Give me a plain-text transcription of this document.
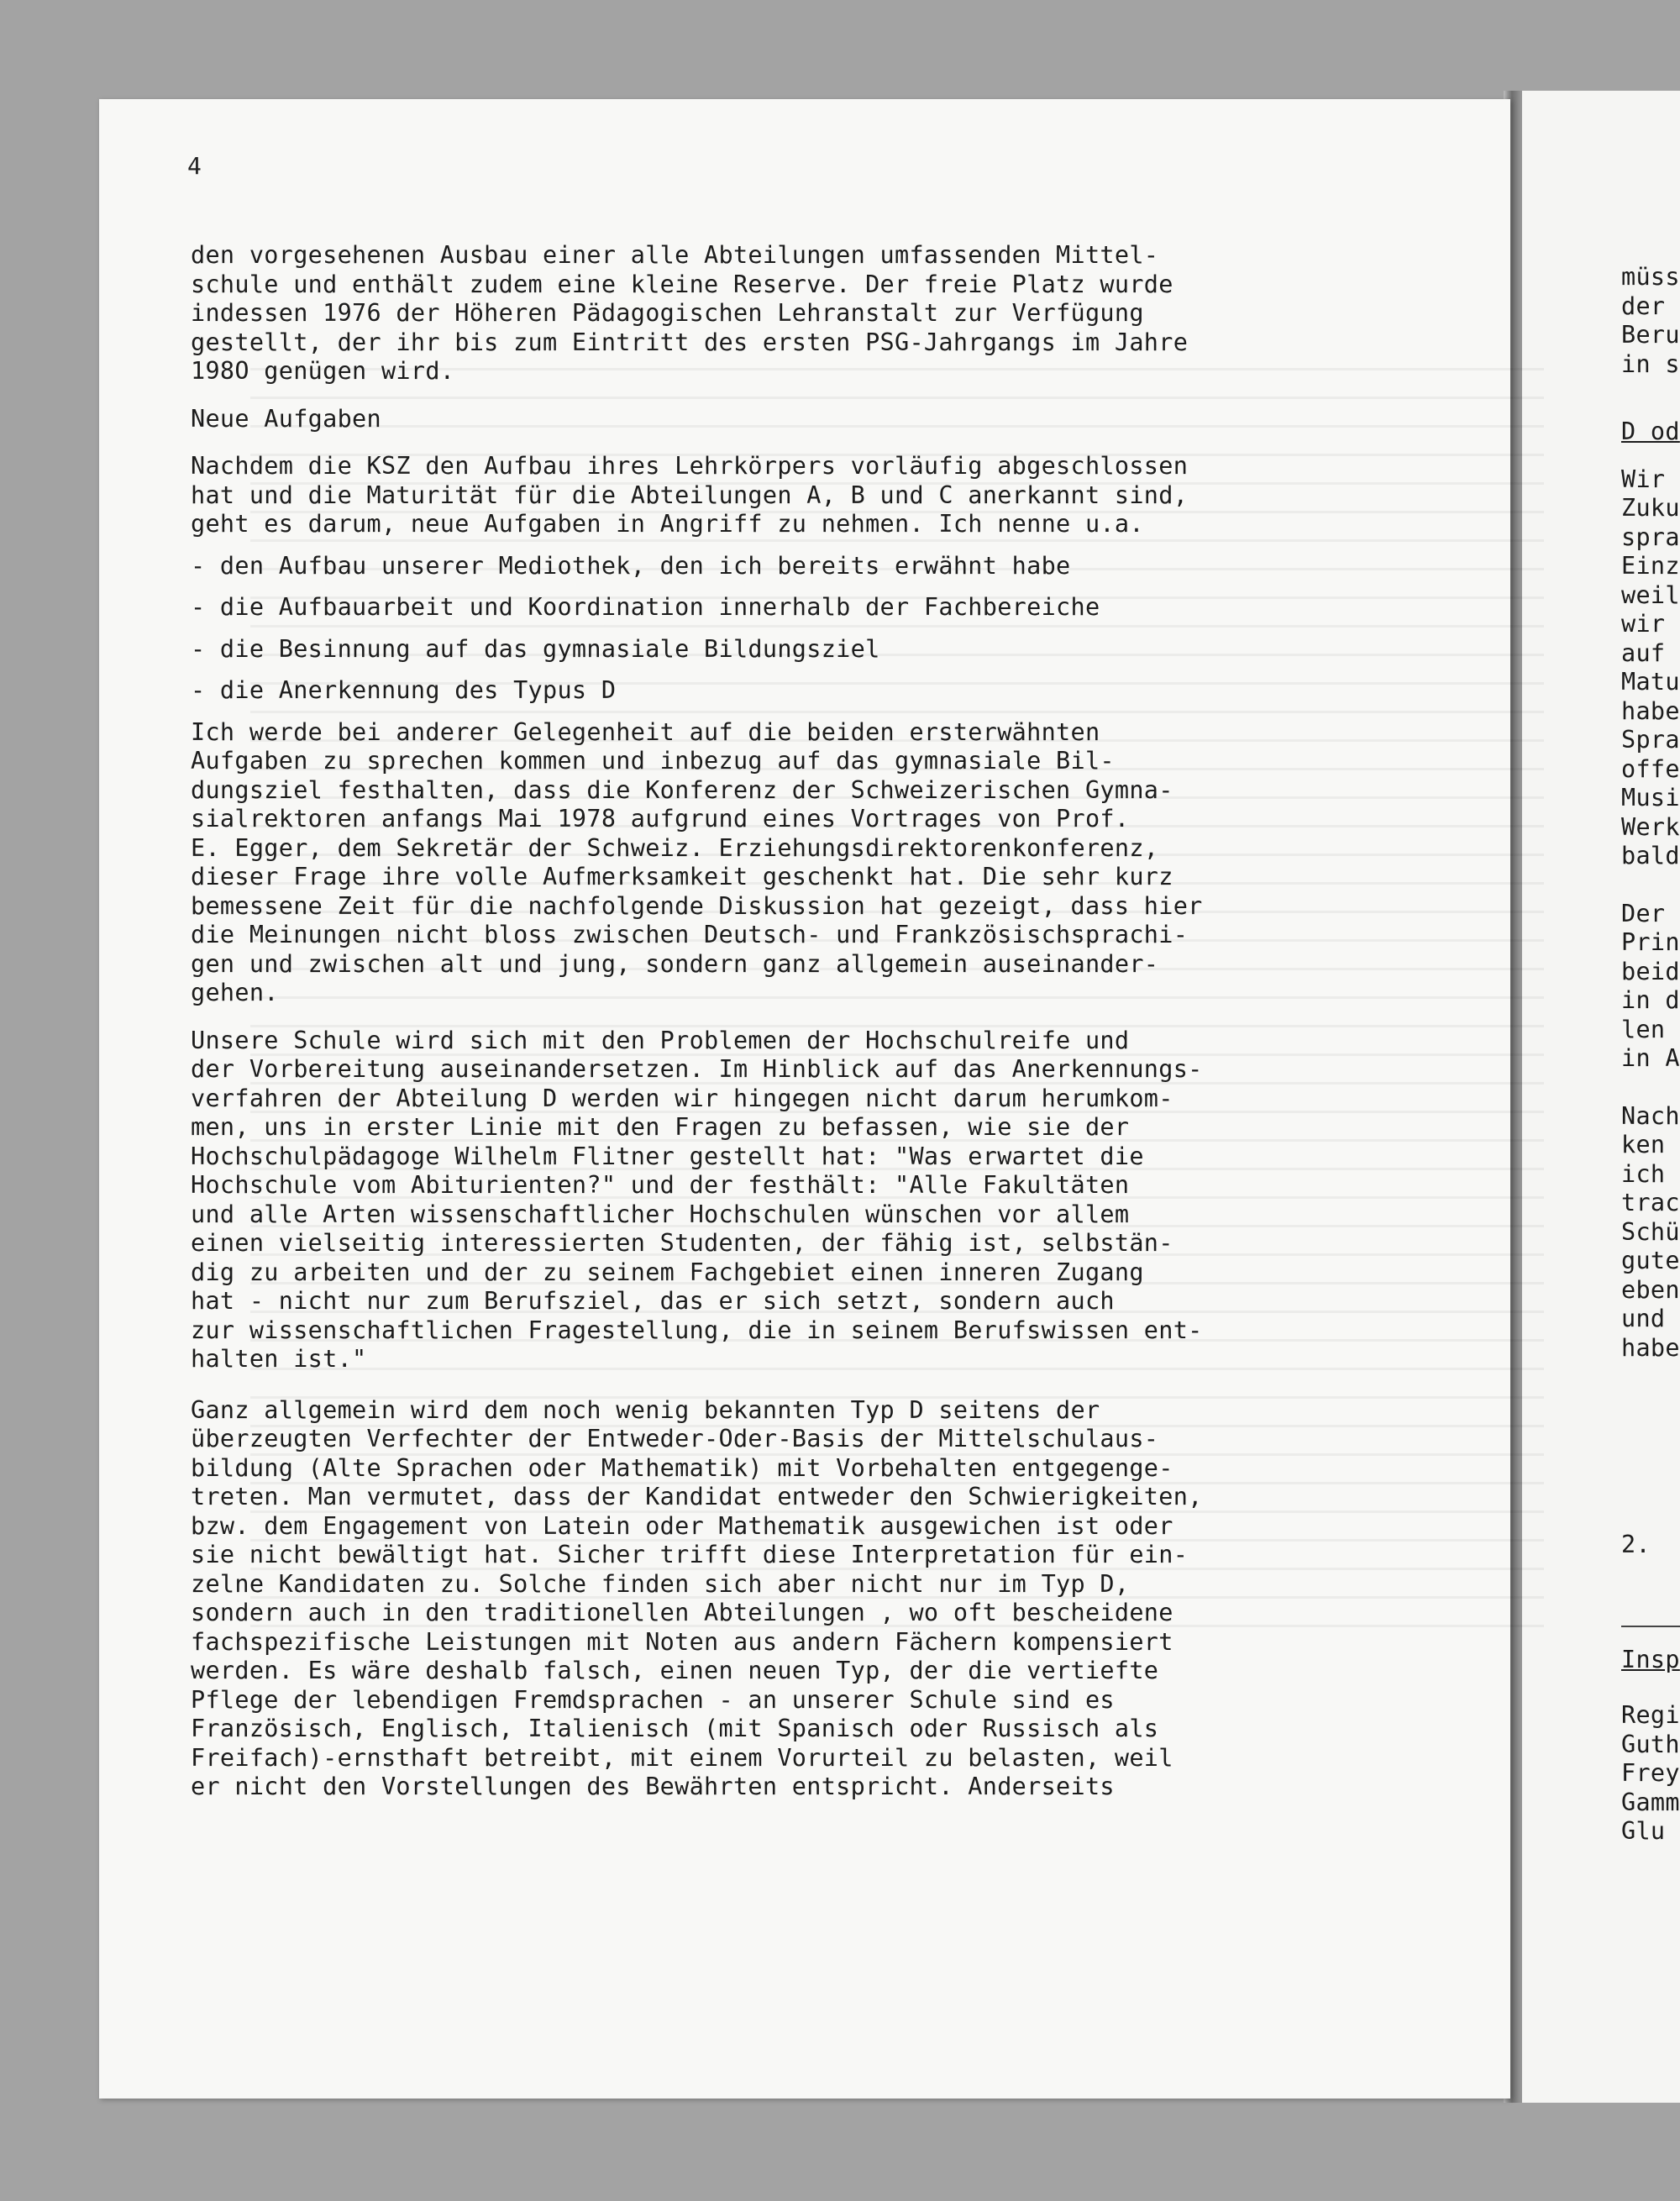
4

den vorgesehenen Ausbau einer alle Abteilungen umfassenden Mittel-

schule und enthält zudem eine kleine Reserve. Der freie Platz wurde

indessen 1976 der Höheren Pädagogischen Lehranstalt zur Verfügung

gestellt, der ihr bis zum Eintritt des ersten PSG-Jahrgangs im Jahre

198O genügen wird.

Neue Aufgaben

Nachdem die KSZ den Aufbau ihres Lehrkörpers vorläufig abgeschlossen

hat und die Maturität für die Abteilungen A, B und C anerkannt sind,

geht es darum, neue Aufgaben in Angriff zu nehmen. Ich nenne u.a.

- den Aufbau unserer Mediothek, den ich bereits erwähnt habe

- die Aufbauarbeit und Koordination innerhalb der Fachbereiche

- die Besinnung auf das gymnasiale Bildungsziel

- die Anerkennung des Typus D

Ich werde bei anderer Gelegenheit auf die beiden ersterwähnten

Aufgaben zu sprechen kommen und inbezug auf das gymnasiale Bil-

dungsziel festhalten, dass die Konferenz der Schweizerischen Gymna-

sialrektoren anfangs Mai 1978 aufgrund eines Vortrages von Prof.

E. Egger, dem Sekretär der Schweiz. Erziehungsdirektorenkonferenz,

dieser Frage ihre volle Aufmerksamkeit geschenkt hat. Die sehr kurz

bemessene Zeit für die nachfolgende Diskussion hat gezeigt, dass hier

die Meinungen nicht bloss zwischen Deutsch- und Frankzösischsprachi-

gen und zwischen alt und jung, sondern ganz allgemein auseinander-

gehen.

Unsere Schule wird sich mit den Problemen der Hochschulreife und

der Vorbereitung auseinandersetzen. Im Hinblick auf das Anerkennungs-

verfahren der Abteilung D werden wir hingegen nicht darum herumkom-

men, uns in erster Linie mit den Fragen zu befassen, wie sie der

Hochschulpädagoge Wilhelm Flitner gestellt hat: "Was erwartet die

Hochschule vom Abiturienten?" und der festhält: "Alle Fakultäten

und alle Arten wissenschaftlicher Hochschulen wünschen vor allem

einen vielseitig interessierten Studenten, der fähig ist, selbstän-

dig zu arbeiten und der zu seinem Fachgebiet einen inneren Zugang

hat - nicht nur zum Berufsziel, das er sich setzt, sondern auch

zur wissenschaftlichen Fragestellung, die in seinem Berufswissen ent-

halten ist."

Ganz allgemein wird dem noch wenig bekannten Typ D seitens der

überzeugten Verfechter der Entweder-Oder-Basis der Mittelschulaus-

bildung (Alte Sprachen oder Mathematik) mit Vorbehalten entgegenge-

treten. Man vermutet, dass der Kandidat entweder den Schwierigkeiten,

bzw. dem Engagement von Latein oder Mathematik ausgewichen ist oder

sie nicht bewältigt hat. Sicher trifft diese Interpretation für ein-

zelne Kandidaten zu. Solche finden sich aber nicht nur im Typ D,

sondern auch in den traditionellen Abteilungen , wo oft bescheidene

fachspezifische Leistungen mit Noten aus andern Fächern kompensiert

werden. Es wäre deshalb falsch, einen neuen Typ, der die vertiefte

Pflege der lebendigen Fremdsprachen - an unserer Schule sind es

Französisch, Englisch, Italienisch (mit Spanisch oder Russisch als

Freifach)-ernsthaft betreibt, mit einem Vorurteil zu belasten, weil

er nicht den Vorstellungen des Bewährten entspricht. Anderseits

müss

der

Beru

in s

D od

Wir

Zuku

spra

Einz

weil

wir

auf

Matu

habe

Spra

offe

Musi

Werk

bald

Der

Prin

beid

in d

len

in A

Nach

ken

ich

trac

Schü

gute

eben

und

habe

2.

Insp

Regi

Guth

Frey

Gamm

Glu
